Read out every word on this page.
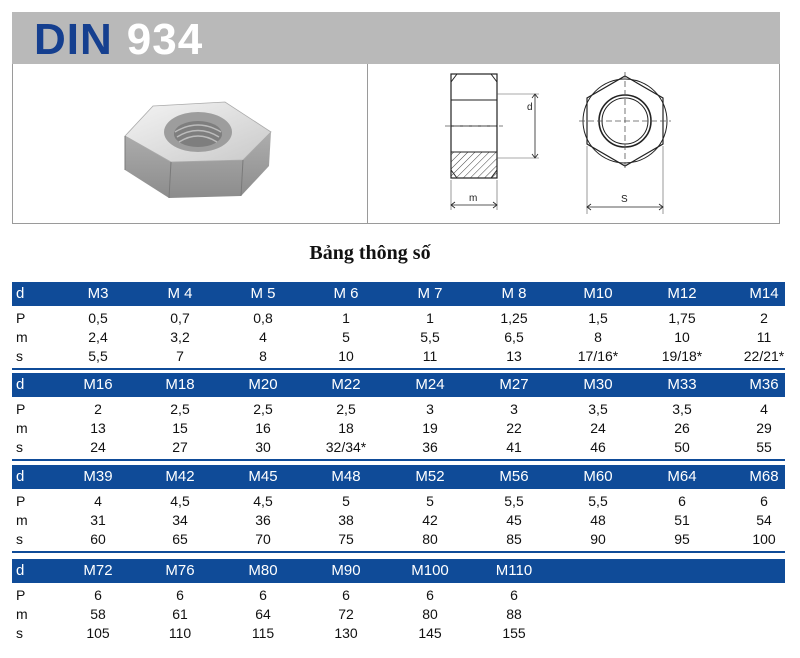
DIN 934
d
m	S
Bảng thông số
d	M3	M 4	M 5	M 6	M 7	M 8	M10	M12	M14
P	0,5	0,7	0,8	1	1	1,25	1,5	1,75	2
m	2,4	3,2	4	5	5,5	6,5	8	10	11
s	5,5	7	8	10	11	13	17/16*	19/18*	22/21*
d	M16	M18	M20	M22	M24	M27	M30	M33	M36
P	2	2,5	2,5	2,5	3	3	3,5	3,5	4
m	13	15	16	18	19	22	24	26	29
s	24	27	30	32/34*	36	41	46	50	55
d	M39	M42	M45	M48	M52	M56	M60	M64	M68
P	4	4,5	4,5	5	5	5,5	5,5	6	6
m	31	34	36	38	42	45	48	51	54
s	60	65	70	75	80	85	90	95	100
d	M72	M76	M80	M90	M100	M110
P	6	6	6	6	6	6
m	58	61	64	72	80	88
s	105	110	115	130	145	155
